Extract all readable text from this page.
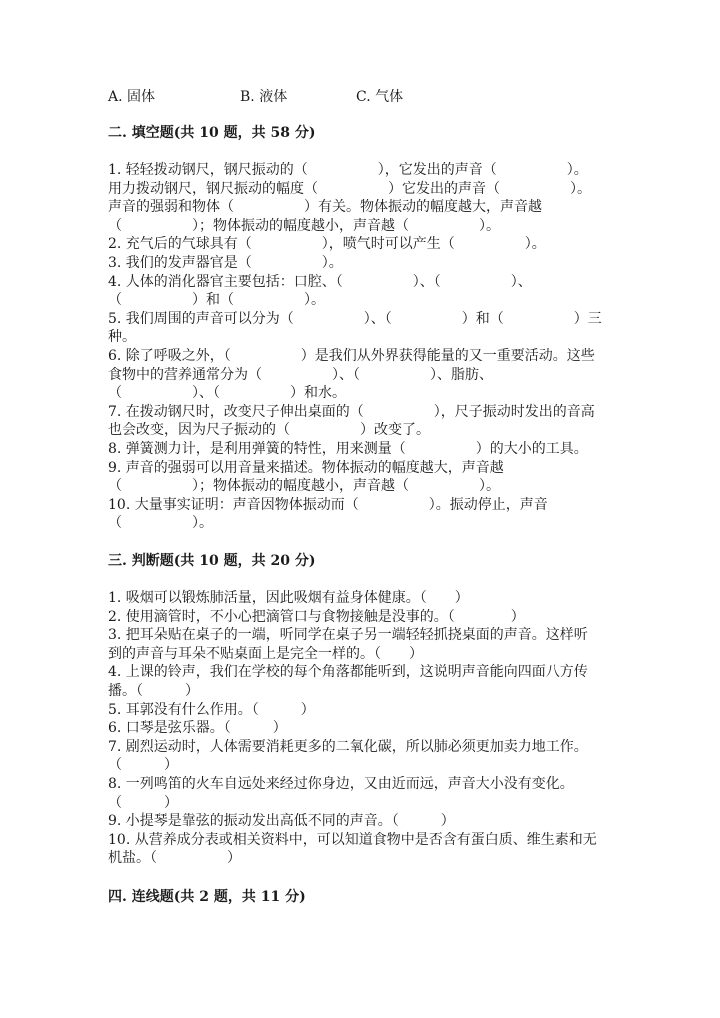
A. 固体	B. 液体	C. 气体
二. 填空题(共 10 题，共 58 分)
1. 轻轻拨动钢尺，钢尺振动的（　　　　　），它发出的声音（　　　　　）。
用力拨动钢尺，钢尺振动的幅度（　　　　　）它发出的声音（　　　　　）。
声音的强弱和物体（　　　　　）有关。物体振动的幅度越大，声音越
（　　　　　）；物体振动的幅度越小，声音越（　　　　　）。
2. 充气后的气球具有（　　　　　），喷气时可以产生（　　　　　）。
3. 我们的发声器官是（　　　　　）。
4. 人体的消化器官主要包括：口腔、（　　　　　）、（　　　　　）、
（　　　　　）和（　　　　　）。
5. 我们周围的声音可以分为（　　　　　）、（　　　　　）和（　　　　　）三
种。
6. 除了呼吸之外，（　　　　　）是我们从外界获得能量的又一重要活动。这些
食物中的营养通常分为（　　　　　）、（　　　　　）、脂肪、
（　　　　　）、（　　　　　）和水。
7. 在拨动钢尺时，改变尺子伸出桌面的（　　　　　），尺子振动时发出的音高
也会改变，因为尺子振动的（　　　　　）改变了。
8. 弹簧测力计，是利用弹簧的特性，用来测量（　　　　　）的大小的工具。
9. 声音的强弱可以用音量来描述。物体振动的幅度越大，声音越
（　　　　　）；物体振动的幅度越小，声音越（　　　　　）。
10. 大量事实证明：声音因物体振动而（　　　　　）。振动停止，声音
（　　　　　）。
三. 判断题(共 10 题，共 20 分)
1. 吸烟可以锻炼肺活量，因此吸烟有益身体健康。（　　）
2. 使用滴管时，不小心把滴管口与食物接触是没事的。（　　　　）
3. 把耳朵贴在桌子的一端，听同学在桌子另一端轻轻抓挠桌面的声音。这样听
到的声音与耳朵不贴桌面上是完全一样的。（　　）
4. 上课的铃声，我们在学校的每个角落都能听到，这说明声音能向四面八方传
播。（　　　）
5. 耳郭没有什么作用。（　　　）
6. 口琴是弦乐器。（　　　）
7. 剧烈运动时，人体需要消耗更多的二氧化碳，所以肺必须更加卖力地工作。
（　　　）
8. 一列鸣笛的火车自远处来经过你身边，又由近而远，声音大小没有变化。
（　　　）
9. 小提琴是靠弦的振动发出高低不同的声音。（　　　）
10. 从营养成分表或相关资料中，可以知道食物中是否含有蛋白质、维生素和无
机盐。（　　　　　）
四. 连线题(共 2 题，共 11 分)
